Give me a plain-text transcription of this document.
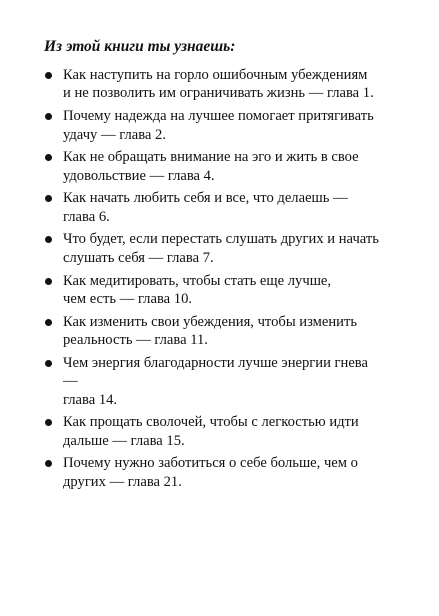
Из этой книги ты узнаешь:
Как наступить на горло ошибочным убеждениям
и не позволить им ограничивать жизнь — глава 1.
Почему надежда на лучшее помогает притягивать
удачу — глава 2.
Как не обращать внимание на эго и жить в свое
удовольствие — глава 4.
Как начать любить себя и все, что делаешь —
глава 6.
Что будет, если перестать слушать других и начать
слушать себя — глава 7.
Как медитировать, чтобы стать еще лучше,
чем есть — глава 10.
Как изменить свои убеждения, чтобы изменить
реальность — глава 11.
Чем энергия благодарности лучше энергии гнева —
глава 14.
Как прощать сволочей, чтобы с легкостью идти
дальше — глава 15.
Почему нужно заботиться о себе больше, чем о
других — глава 21.
